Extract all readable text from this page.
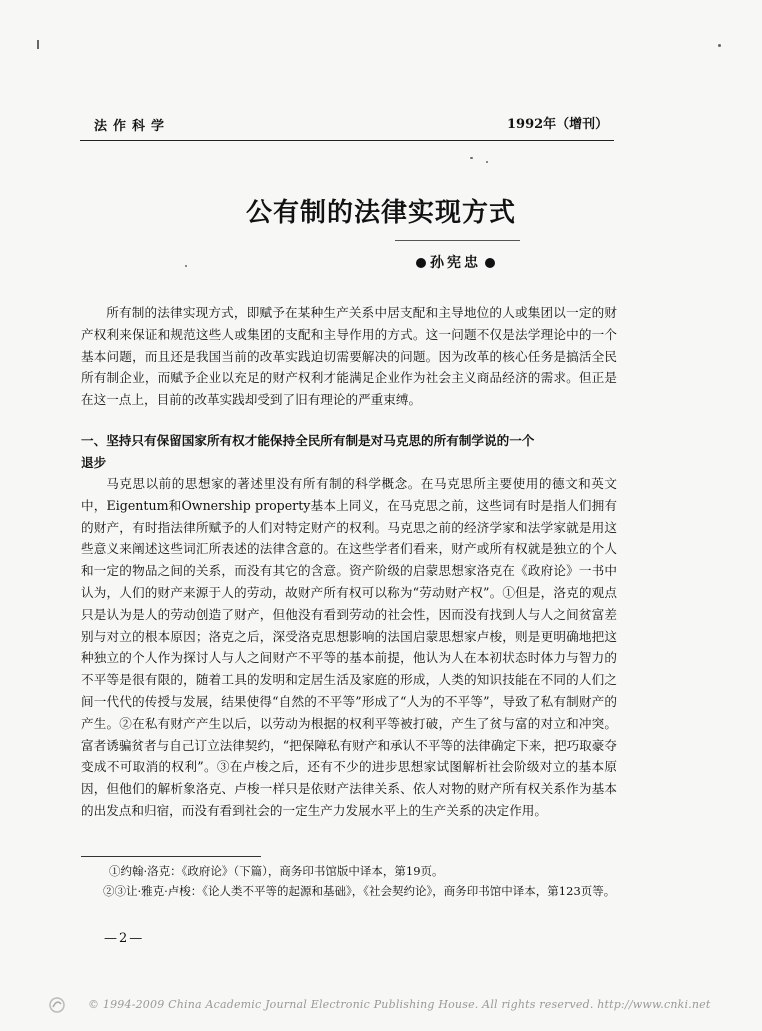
法作科学	1992年（增刊）
公有制的法律实现方式
孙宪忠

所有制的法律实现方式，即赋予在某种生产关系中居支配和主导地位的人或集团以一定的财产权利来保证和规范这些人或集团的支配和主导作用的方式。这一问题不仅是法学理论中的一个基本问题，而且还是我国当前的改革实践迫切需要解决的问题。因为改革的核心任务是搞活全民所有制企业，而赋予企业以充足的财产权利才能满足企业作为社会主义商品经济的需求。但正是在这一点上，目前的改革实践却受到了旧有理论的严重束缚。

一、坚持只有保留国家所有权才能保持全民所有制是对马克思的所有制学说的一个
退步

马克思以前的思想家的著述里没有所有制的科学概念。在马克思所主要使用的德文和英文中，Eigentum和Ownership property基本上同义，在马克思之前，这些词有时是指人们拥有的财产，有时指法律所赋予的人们对特定财产的权利。马克思之前的经济学家和法学家就是用这些意义来阐述这些词汇所表述的法律含意的。在这些学者们看来，财产或所有权就是独立的个人和一定的物品之间的关系，而没有其它的含意。资产阶级的启蒙思想家洛克在《政府论》一书中认为，人们的财产来源于人的劳动，故财产所有权可以称为“劳动财产权”。①但是，洛克的观点只是认为是人的劳动创造了财产，但他没有看到劳动的社会性，因而没有找到人与人之间贫富差别与对立的根本原因；洛克之后，深受洛克思想影响的法国启蒙思想家卢梭，则是更明确地把这种独立的个人作为探讨人与人之间财产不平等的基本前提，他认为人在本初状态时体力与智力的不平等是很有限的，随着工具的发明和定居生活及家庭的形成，人类的知识技能在不同的人们之间一代代的传授与发展，结果使得“自然的不平等”形成了“人为的不平等”，导致了私有制财产的产生。②在私有财产产生以后，以劳动为根据的权利平等被打破，产生了贫与富的对立和冲突。富者诱骗贫者与自己订立法律契约，“把保障私有财产和承认不平等的法律确定下来，把巧取豪夺变成不可取消的权利”。③在卢梭之后，还有不少的进步思想家试图解析社会阶级对立的基本原因，但他们的解析象洛克、卢梭一样只是依财产法律关系、依人对物的财产所有权关系作为基本的出发点和归宿，而没有看到社会的一定生产力发展水平上的生产关系的决定作用。

①约翰·洛克：《政府论》（下篇），商务印书馆版中译本，第19页。
②③让·雅克·卢梭：《论人类不平等的起源和基础》，《社会契约论》，商务印书馆中译本，第123页等。
—2—
© 1994-2009 China Academic Journal Electronic Publishing House. All rights reserved. http://www.cnki.net
